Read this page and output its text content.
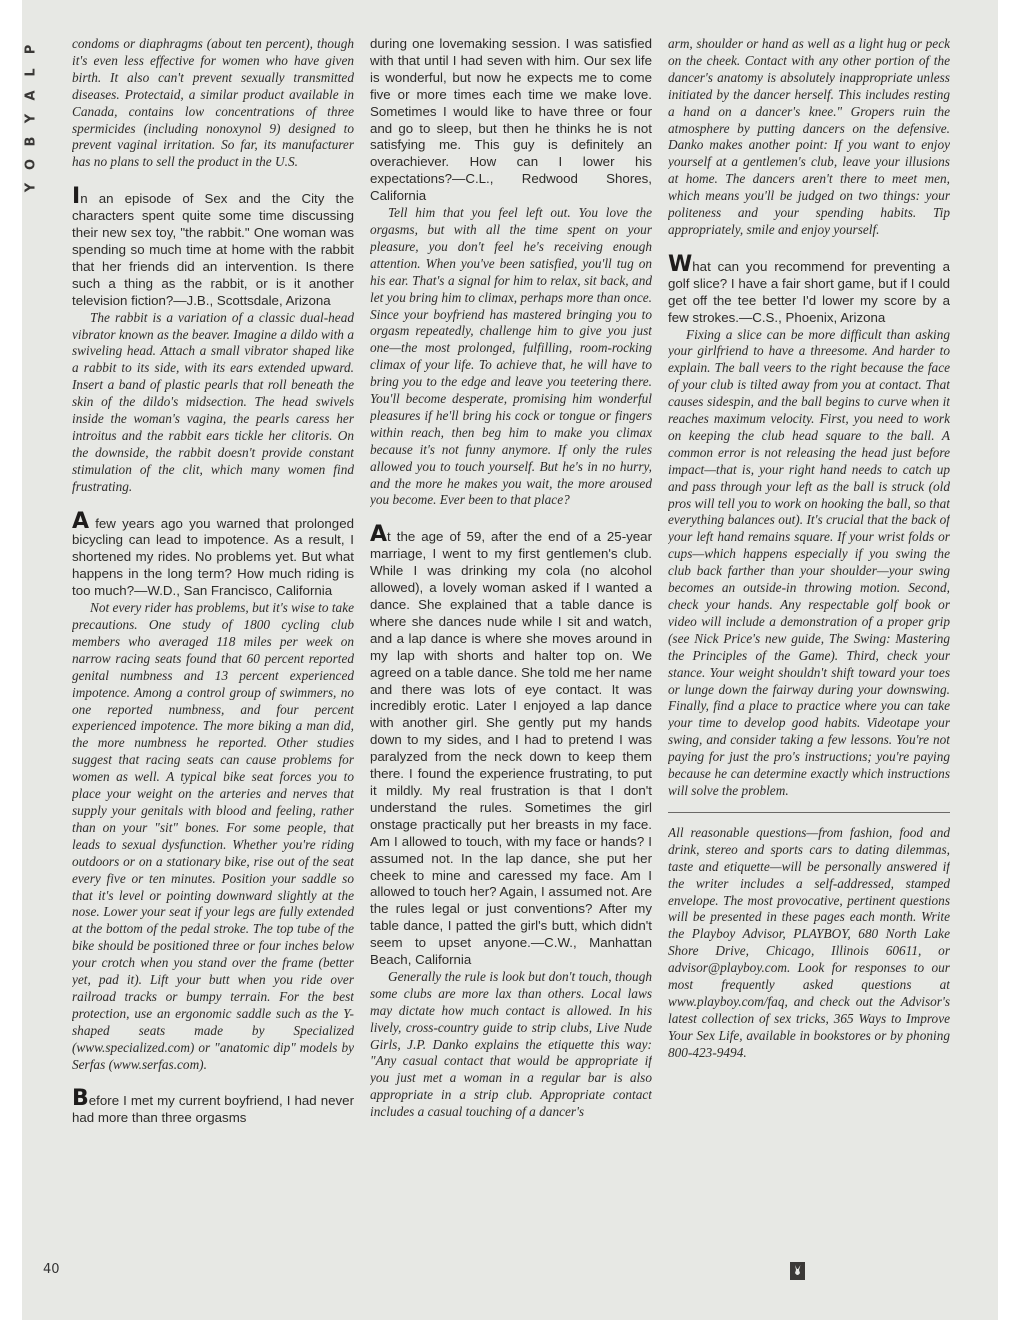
P
L
A
Y
B
O
Y

condoms or diaphragms (about ten percent), though it's even less effective for women who have given birth. It also can't prevent sexually transmitted diseases. Protectaid, a similar product available in Canada, contains low concentrations of three spermicides (including nonoxynol 9) designed to prevent vaginal irritation. So far, its manufacturer has no plans to sell the product in the U.S.

In an episode of Sex and the City the characters spent quite some time discussing their new sex toy, "the rabbit." One woman was spending so much time at home with the rabbit that her friends did an intervention. Is there such a thing as the rabbit, or is it another television fiction?—J.B., Scottsdale, Arizona

The rabbit is a variation of a classic dual-head vibrator known as the beaver. Imagine a dildo with a swiveling head. Attach a small vibrator shaped like a rabbit to its side, with its ears extended upward. Insert a band of plastic pearls that roll beneath the skin of the dildo's midsection. The head swivels inside the woman's vagina, the pearls caress her introitus and the rabbit ears tickle her clitoris. On the downside, the rabbit doesn't provide constant stimulation of the clit, which many women find frustrating.

A few years ago you warned that prolonged bicycling can lead to impotence. As a result, I shortened my rides. No problems yet. But what happens in the long term? How much riding is too much?—W.D., San Francisco, California

Not every rider has problems, but it's wise to take precautions. One study of 1800 cycling club members who averaged 118 miles per week on narrow racing seats found that 60 percent reported genital numbness and 13 percent experienced impotence. Among a control group of swimmers, no one reported numbness, and four percent experienced impotence. The more biking a man did, the more numbness he reported. Other studies suggest that racing seats can cause problems for women as well. A typical bike seat forces you to place your weight on the arteries and nerves that supply your genitals with blood and feeling, rather than on your "sit" bones. For some people, that leads to sexual dysfunction. Whether you're riding outdoors or on a stationary bike, rise out of the seat every five or ten minutes. Position your saddle so that it's level or pointing downward slightly at the nose. Lower your seat if your legs are fully extended at the bottom of the pedal stroke. The top tube of the bike should be positioned three or four inches below your crotch when you stand over the frame (better yet, pad it). Lift your butt when you ride over railroad tracks or bumpy terrain. For the best protection, use an ergonomic saddle such as the Y-shaped seats made by Specialized (www.specialized.com) or "anatomic dip" models by Serfas (www.serfas.com).

Before I met my current boyfriend, I had never had more than three orgasms

40

during one lovemaking session. I was satisfied with that until I had seven with him. Our sex life is wonderful, but now he expects me to come five or more times each time we make love. Sometimes I would like to have three or four and go to sleep, but then he thinks he is not satisfying me. This guy is definitely an overachiever. How can I lower his expectations?—C.L., Redwood Shores, California

Tell him that you feel left out. You love the orgasms, but with all the time spent on your pleasure, you don't feel he's receiving enough attention. When you've been satisfied, you'll tug on his ear. That's a signal for him to relax, sit back, and let you bring him to climax, perhaps more than once. Since your boyfriend has mastered bringing you to orgasm repeatedly, challenge him to give you just one—the most prolonged, fulfilling, room-rocking climax of your life. To achieve that, he will have to bring you to the edge and leave you teetering there. You'll become desperate, promising him wonderful pleasures if he'll bring his cock or tongue or fingers within reach, then beg him to make you climax because it's not funny anymore. If only the rules allowed you to touch yourself. But he's in no hurry, and the more he makes you wait, the more aroused you become. Ever been to that place?

At the age of 59, after the end of a 25-year marriage, I went to my first gentlemen's club. While I was drinking my cola (no alcohol allowed), a lovely woman asked if I wanted a dance. She explained that a table dance is where she dances nude while I sit and watch, and a lap dance is where she moves around in my lap with shorts and halter top on. We agreed on a table dance. She told me her name and there was lots of eye contact. It was incredibly erotic. Later I enjoyed a lap dance with another girl. She gently put my hands down to my sides, and I had to pretend I was paralyzed from the neck down to keep them there. I found the experience frustrating, to put it mildly. My real frustration is that I don't understand the rules. Sometimes the girl onstage practically put her breasts in my face. Am I allowed to touch, with my face or hands? I assumed not. In the lap dance, she put her cheek to mine and caressed my face. Am I allowed to touch her? Again, I assumed not. Are the rules legal or just conventions? After my table dance, I patted the girl's butt, which didn't seem to upset anyone.—C.W., Manhattan Beach, California

Generally the rule is look but don't touch, though some clubs are more lax than others. Local laws may dictate how much contact is allowed. In his lively, cross-country guide to strip clubs, Live Nude Girls, J.P. Danko explains the etiquette this way: "Any casual contact that would be appropriate if you just met a woman in a regular bar is also appropriate in a strip club. Appropriate contact includes a casual touching of a dancer's

arm, shoulder or hand as well as a light hug or peck on the cheek. Contact with any other portion of the dancer's anatomy is absolutely inappropriate unless initiated by the dancer herself. This includes resting a hand on a dancer's knee." Gropers ruin the atmosphere by putting dancers on the defensive. Danko makes another point: If you want to enjoy yourself at a gentlemen's club, leave your illusions at home. The dancers aren't there to meet men, which means you'll be judged on two things: your politeness and your spending habits. Tip appropriately, smile and enjoy yourself.

What can you recommend for preventing a golf slice? I have a fair short game, but if I could get off the tee better I'd lower my score by a few strokes.—C.S., Phoenix, Arizona

Fixing a slice can be more difficult than asking your girlfriend to have a threesome. And harder to explain. The ball veers to the right because the face of your club is tilted away from you at contact. That causes sidespin, and the ball begins to curve when it reaches maximum velocity. First, you need to work on keeping the club head square to the ball. A common error is not releasing the head just before impact—that is, your right hand needs to catch up and pass through your left as the ball is struck (old pros will tell you to work on hooking the ball, so that everything balances out). It's crucial that the back of your left hand remains square. If your wrist folds or cups—which happens especially if you swing the club back farther than your shoulder—your swing becomes an outside-in throwing motion. Second, check your hands. Any respectable golf book or video will include a demonstration of a proper grip (see Nick Price's new guide, The Swing: Mastering the Principles of the Game). Third, check your stance. Your weight shouldn't shift toward your toes or lunge down the fairway during your downswing. Finally, find a place to practice where you can take your time to develop good habits. Videotape your swing, and consider taking a few lessons. You're not paying for just the pro's instructions; you're paying because he can determine exactly which instructions will solve the problem.

All reasonable questions—from fashion, food and drink, stereo and sports cars to dating dilemmas, taste and etiquette—will be personally answered if the writer includes a self-addressed, stamped envelope. The most provocative, pertinent questions will be presented in these pages each month. Write the Playboy Advisor, PLAYBOY, 680 North Lake Shore Drive, Chicago, Illinois 60611, or advisor@playboy.com. Look for responses to our most frequently asked questions at www.playboy.com/faq, and check out the Advisor's latest collection of sex tricks, 365 Ways to Improve Your Sex Life, available in bookstores or by phoning 800-423-9494.
